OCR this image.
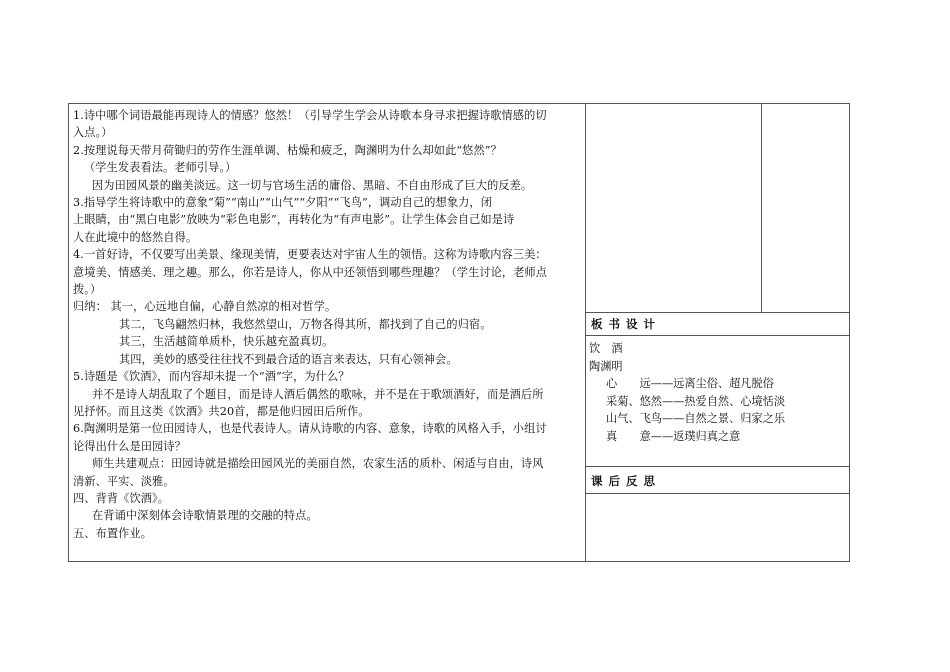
1.诗中哪个词语最能再现诗人的情感？悠然！（引导学生学会从诗歌本身寻求把握诗歌情感的切

入点。）

2.按理说每天带月荷锄归的劳作生涯单调、枯燥和疲乏，陶渊明为什么却如此“悠然”？

（学生发表看法。老师引导。）

因为田园风景的幽美淡远。这一切与官场生活的庸俗、黑暗、不自由形成了巨大的反差。

3.指导学生将诗歌中的意象“菊”“南山”“山气”“夕阳”“飞鸟”，调动自己的想象力，闭

上眼睛，由“黑白电影”放映为“彩色电影”，再转化为“有声电影”。让学生体会自己如是诗

人在此境中的悠然自得。

4.一首好诗，不仅要写出美景、缘现美情，更要表达对宇宙人生的领悟。这称为诗歌内容三美：

意境美、情感美、理之趣。那么，你若是诗人，你从中还领悟到哪些理趣？（学生讨论，老师点

拨。）

归纳： 其一，心远地自偏，心静自然凉的相对哲学。

其二，飞鸟翩然归林，我悠然望山，万物各得其所，都找到了自己的归宿。

其三，生活越简单质朴，快乐越充盈真切。

其四，美妙的感受往往找不到最合适的语言来表达，只有心领神会。

5.诗题是《饮酒》，而内容却未提一个“酒”字，为什么？

并不是诗人胡乱取了个题目，而是诗人酒后偶然的歌咏，并不是在于歌颂酒好，而是酒后所

见抒怀。而且这类《饮酒》共20首，都是他归园田后所作。

6.陶渊明是第一位田园诗人，也是代表诗人。请从诗歌的内容、意象，诗歌的风格入手，小组讨

论得出什么是田园诗？

师生共建观点：田园诗就是描绘田园风光的美丽自然，农家生活的质朴、闲适与自由，诗风

清新、平实、淡雅。

四、背背《饮酒》。

在背诵中深刻体会诗歌情景理的交融的特点。

五、布置作业。

板书设计

饮　酒

陶渊明

心　　远——远离尘俗、超凡脱俗

采菊、悠然——热爱自然、心境恬淡

山气、飞鸟——自然之景、归家之乐

真　　意——返璞归真之意

课后反思
